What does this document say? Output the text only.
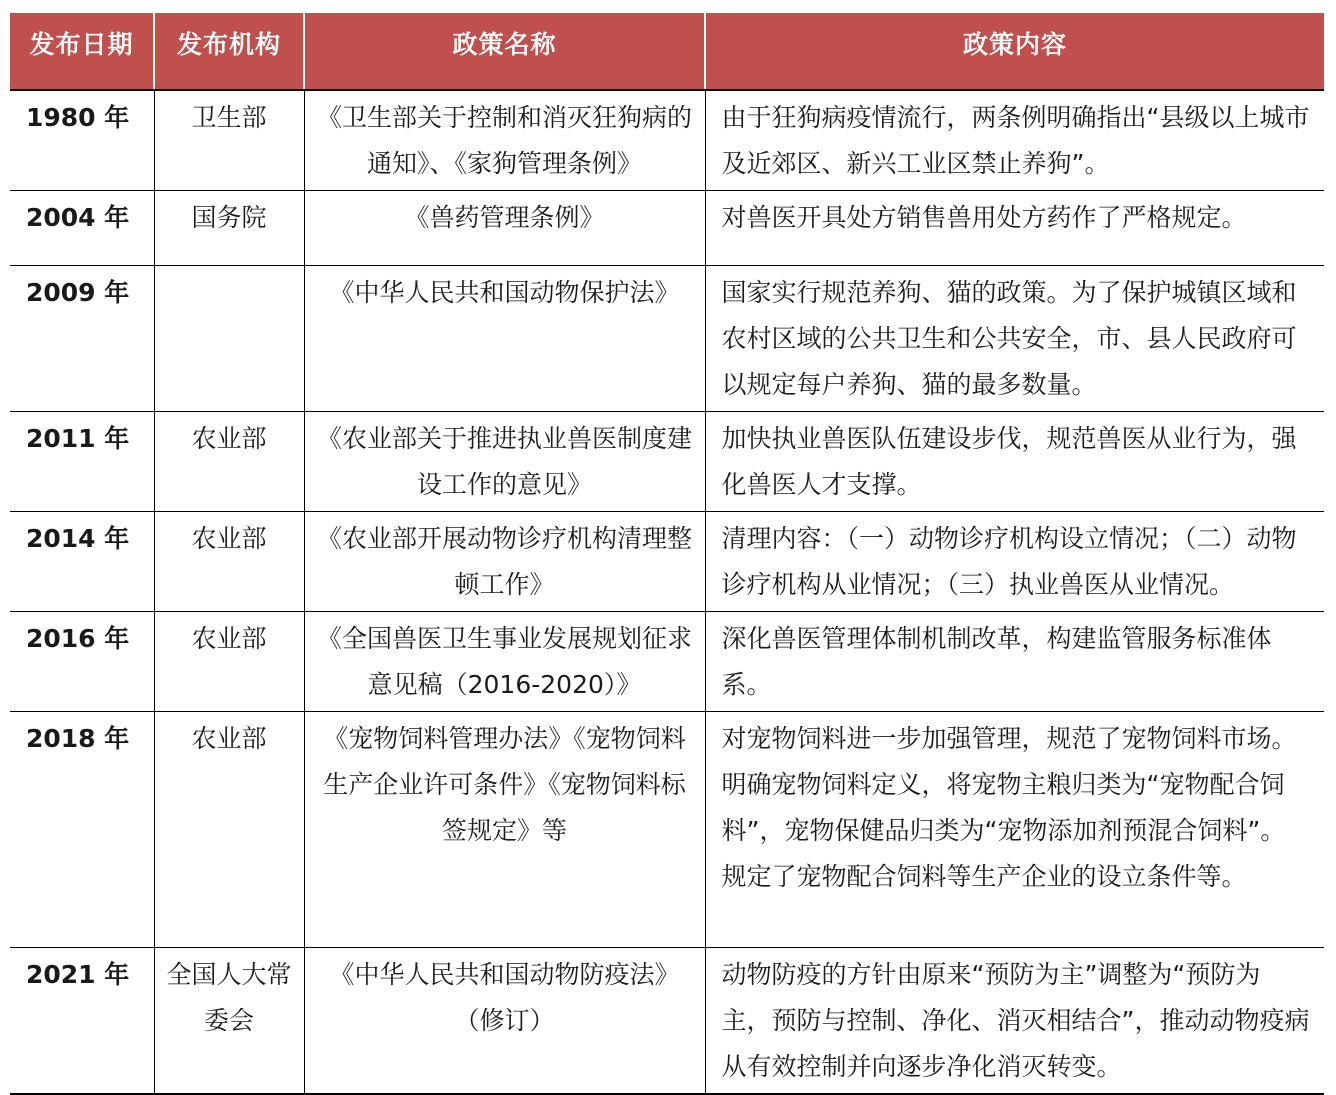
发布日期	发布机构	政策名称	政策内容
1980 年	卫生部	《卫生部关于控制和消灭狂狗病的通知》、《家狗管理条例》	由于狂狗病疫情流行，两条例明确指出“县级以上城市及近郊区、新兴工业区禁止养狗”。
2004 年	国务院	《兽药管理条例》	对兽医开具处方销售兽用处方药作了严格规定。
2009 年		《中华人民共和国动物保护法》	国家实行规范养狗、猫的政策。为了保护城镇区域和农村区域的公共卫生和公共安全，市、县人民政府可以规定每户养狗、猫的最多数量。
2011 年	农业部	《农业部关于推进执业兽医制度建设工作的意见》	加快执业兽医队伍建设步伐，规范兽医从业行为，强化兽医人才支撑。
2014 年	农业部	《农业部开展动物诊疗机构清理整顿工作》	清理内容：（一）动物诊疗机构设立情况；（二）动物诊疗机构从业情况；（三）执业兽医从业情况。
2016 年	农业部	《全国兽医卫生事业发展规划征求意见稿（2016-2020）》	深化兽医管理体制机制改革，构建监管服务标准体系。
2018 年	农业部	《宠物饲料管理办法》《宠物饲料生产企业许可条件》《宠物饲料标签规定》等	对宠物饲料进一步加强管理，规范了宠物饲料市场。明确宠物饲料定义，将宠物主粮归类为“宠物配合饲料”，宠物保健品归类为“宠物添加剂预混合饲料”。规定了宠物配合饲料等生产企业的设立条件等。
2021 年	全国人大常委会	《中华人民共和国动物防疫法》（修订）	动物防疫的方针由原来“预防为主”调整为“预防为主，预防与控制、净化、消灭相结合”，推动动物疫病从有效控制并向逐步净化消灭转变。
